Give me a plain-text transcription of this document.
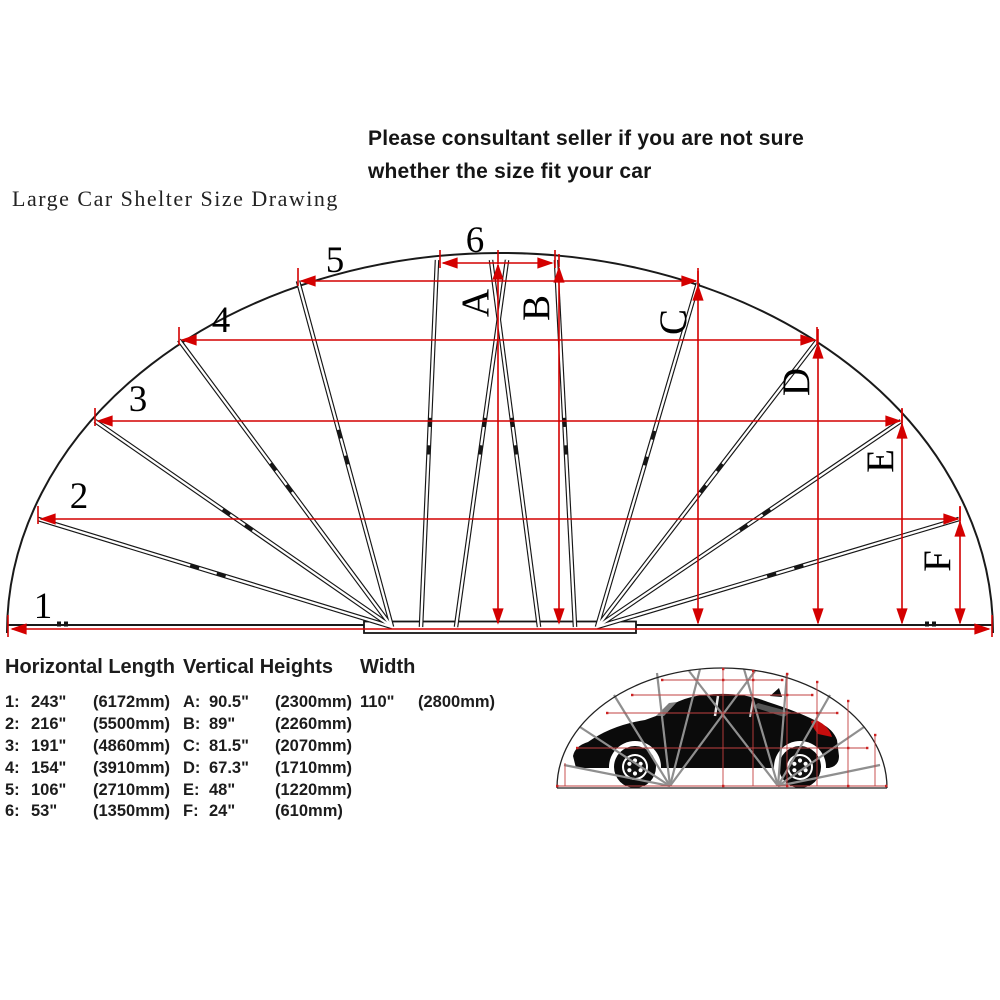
Please consultant seller if you are not sure
whether the size fit your car
Large Car Shelter Size Drawing
1
2
3
4
5	6
A B
C
D
E
F
Horizontal Length
1: 243"	(6172mm)
2: 216"	(5500mm)
3: 191"	(4860mm)
4: 154"	(3910mm)
5: 106"	(2710mm)
6: 53"	(1350mm)
Vertical Heights
A: 90.5"	(2300mm)
B: 89"	(2260mm)
C: 81.5"	(2070mm)
D: 67.3"	(1710mm)
E: 48"	(1220mm)
F: 24"	(610mm)
Width
110"	(2800mm)
